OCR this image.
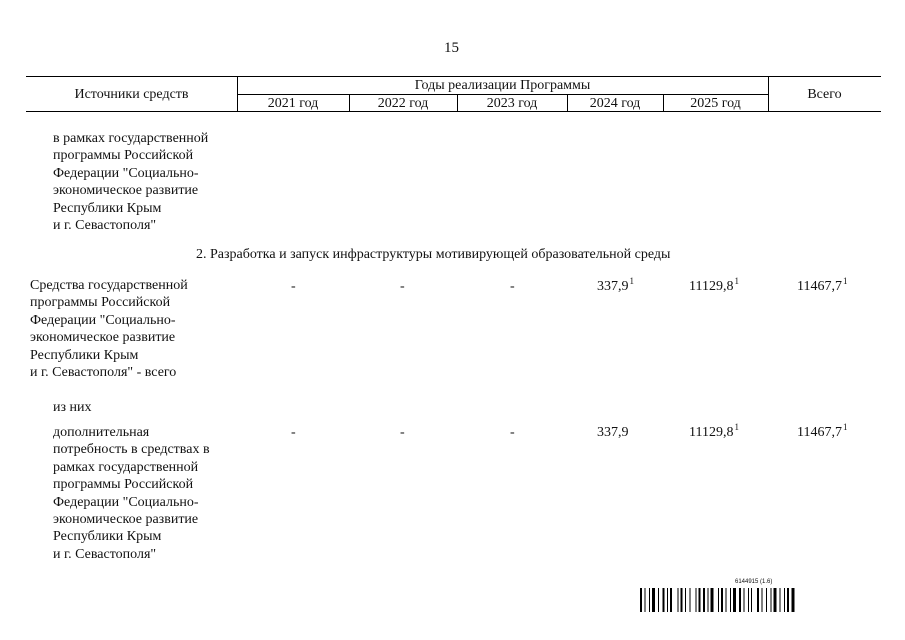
15
Источники средств
Годы реализации Программы
2021 год	2022 год	2023 год	2024 год	2025 год
Всего
в рамках государственной
программы Российской
Федерации "Социально-
экономическое развитие
Республики Крым
и г. Севастополя"
2. Разработка и запуск инфраструктуры мотивирующей образовательной среды
Средства государственной
программы Российской
Федерации "Социально-
экономическое развитие
Республики Крым
и г. Севастополя" - всего
-	-	-	337,9$^1$	11129,8$^1$	11467,7$^1$
из них
дополнительная
потребность в средствах в
рамках государственной
программы Российской
Федерации "Социально-
экономическое развитие
Республики Крым
и г. Севастополя"
-	-	-	337,9	11129,8$^1$	11467,7$^1$
6144915 (1.6)
